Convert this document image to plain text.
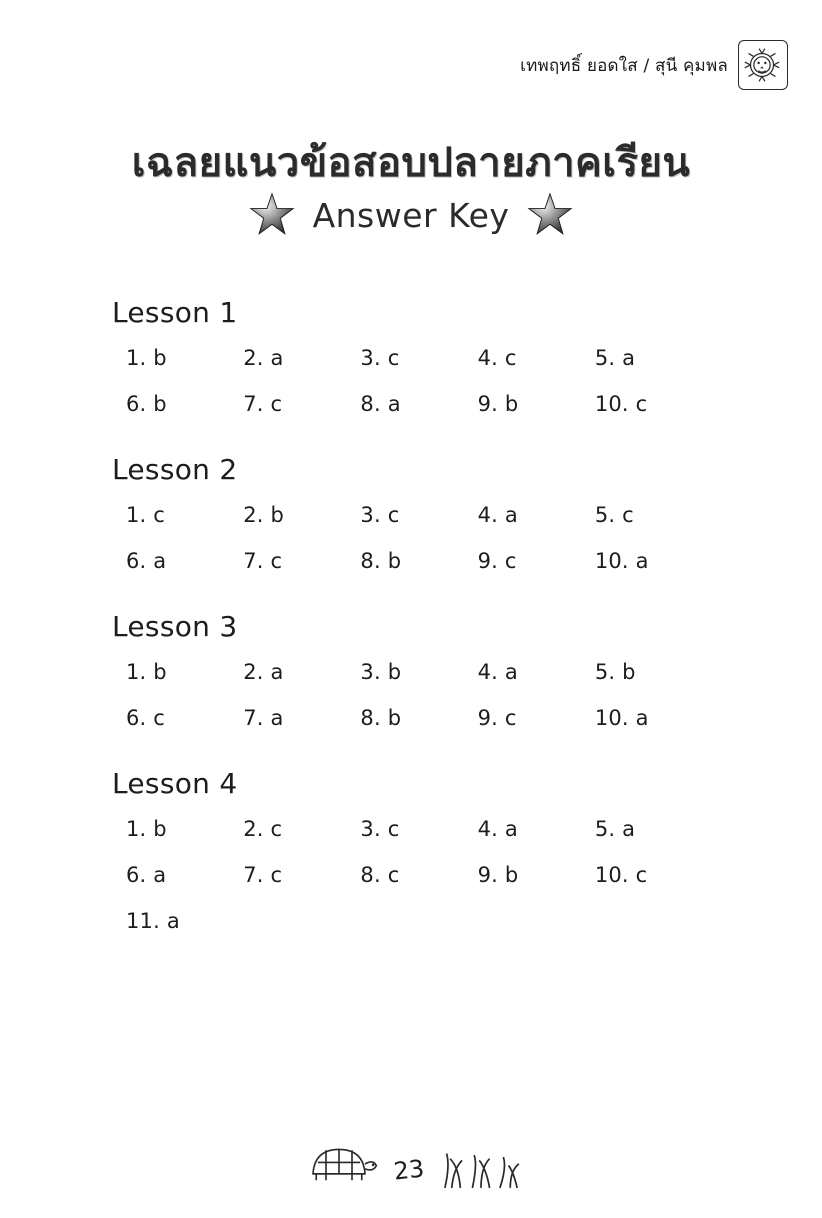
เทพฤทธิ์ ยอดใส / สุนี คุมพล
เฉลยแนวข้อสอบปลายภาคเรียน
Answer Key
Lesson 1
1. b	2. a	3. c	4. c	5. a
6. b	7. c	8. a	9. b	10. c
Lesson 2
1. c	2. b	3. c	4. a	5. c
6. a	7. c	8. b	9. c	10. a
Lesson 3
1. b	2. a	3. b	4. a	5. b
6. c	7. a	8. b	9. c	10. a
Lesson 4
1. b	2. c	3. c	4. a	5. a
6. a	7. c	8. c	9. b	10. c
11. a
23
